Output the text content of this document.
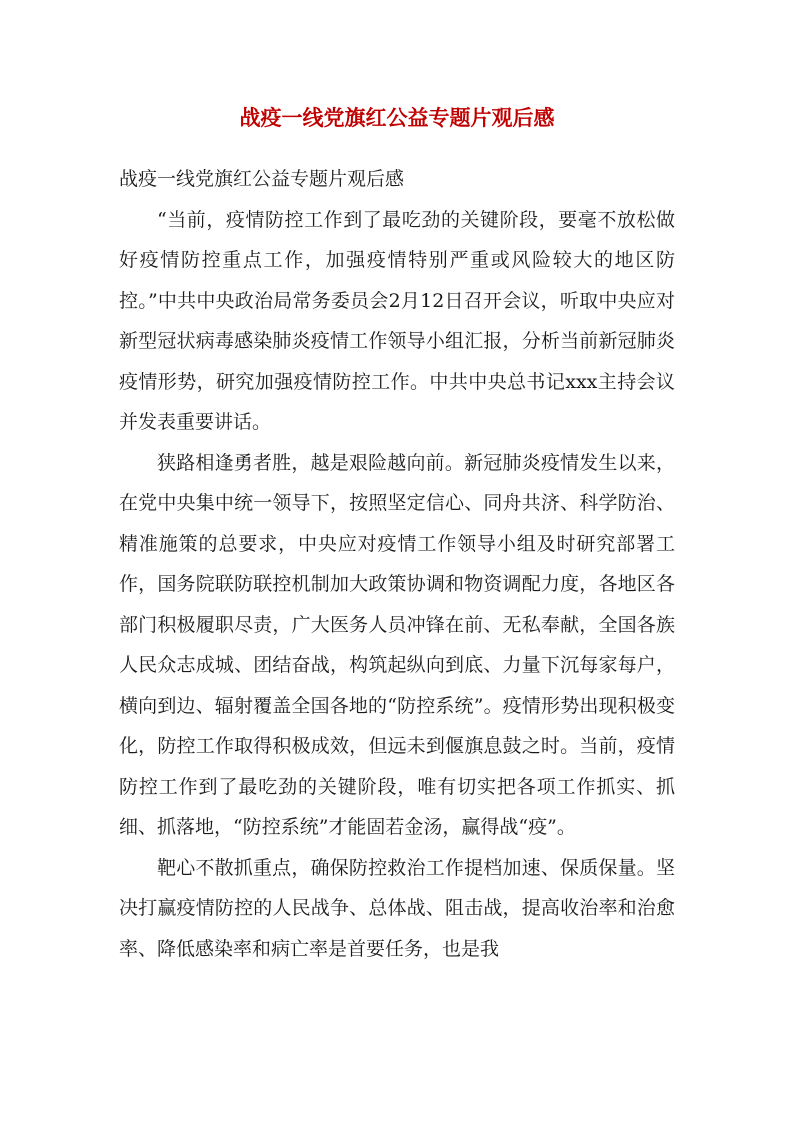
战疫一线党旗红公益专题片观后感

战疫一线党旗红公益专题片观后感

“当前，疫情防控工作到了最吃劲的关键阶段，要毫不放松做好疫情防控重点工作，加强疫情特别严重或风险较大的地区防控。”中共中央政治局常务委员会2月12日召开会议，听取中央应对新型冠状病毒感染肺炎疫情工作领导小组汇报，分析当前新冠肺炎疫情形势，研究加强疫情防控工作。中共中央总书记xxx主持会议并发表重要讲话。

狭路相逢勇者胜，越是艰险越向前。新冠肺炎疫情发生以来，在党中央集中统一领导下，按照坚定信心、同舟共济、科学防治、精准施策的总要求，中央应对疫情工作领导小组及时研究部署工作，国务院联防联控机制加大政策协调和物资调配力度，各地区各部门积极履职尽责，广大医务人员冲锋在前、无私奉献，全国各族人民众志成城、团结奋战，构筑起纵向到底、力量下沉每家每户，横向到边、辐射覆盖全国各地的“防控系统”。疫情形势出现积极变化，防控工作取得积极成效，但远未到偃旗息鼓之时。当前，疫情防控工作到了最吃劲的关键阶段，唯有切实把各项工作抓实、抓细、抓落地，“防控系统”才能固若金汤，赢得战“疫”。

靶心不散抓重点，确保防控救治工作提档加速、保质保量。坚决打赢疫情防控的人民战争、总体战、阻击战，提高收治率和治愈率、降低感染率和病亡率是首要任务，也是我
